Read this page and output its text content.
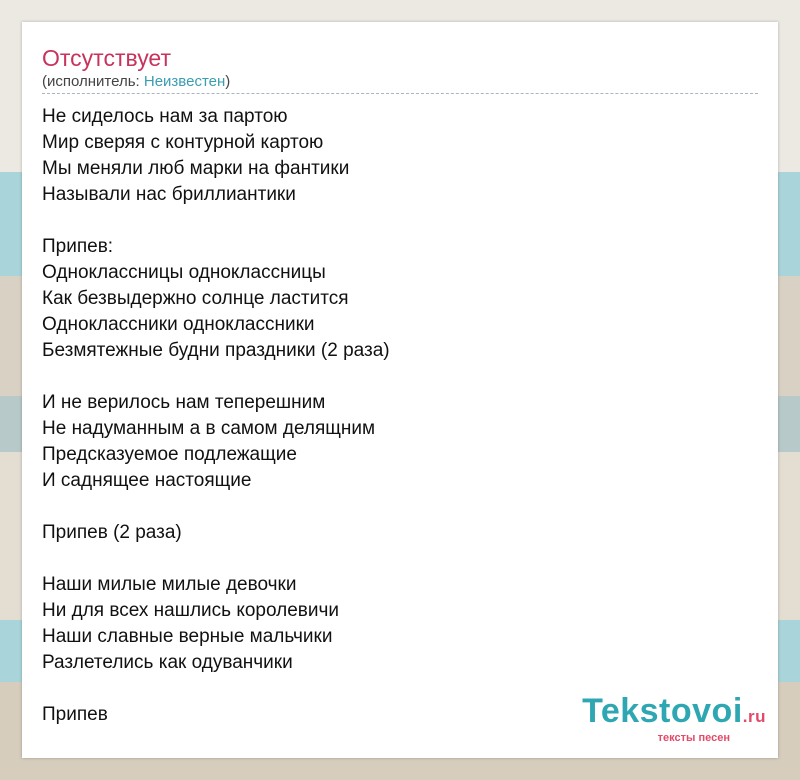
Отсутствует
(исполнитель: Неизвестен)
Не сиделось нам за партою
Мир сверяя с контурной картою
Мы меняли люб марки на фантики
Называли нас бриллиантики
Припев:
Одноклассницы одноклассницы
Как безвыдержно солнце ластится
Одноклассники одноклассники
Безмятежные будни праздники (2 раза)
И не верилось нам теперешним
Не надуманным а в самом делящним
Предсказуемое подлежащие
И саднящее настоящие
Припев (2 раза)
Наши милые милые девочки
Ни для всех нашлись королевичи
Наши славные верные мальчики
Разлетелись как одуванчики
Припев	Tekstovoi.ru
тексты песен
